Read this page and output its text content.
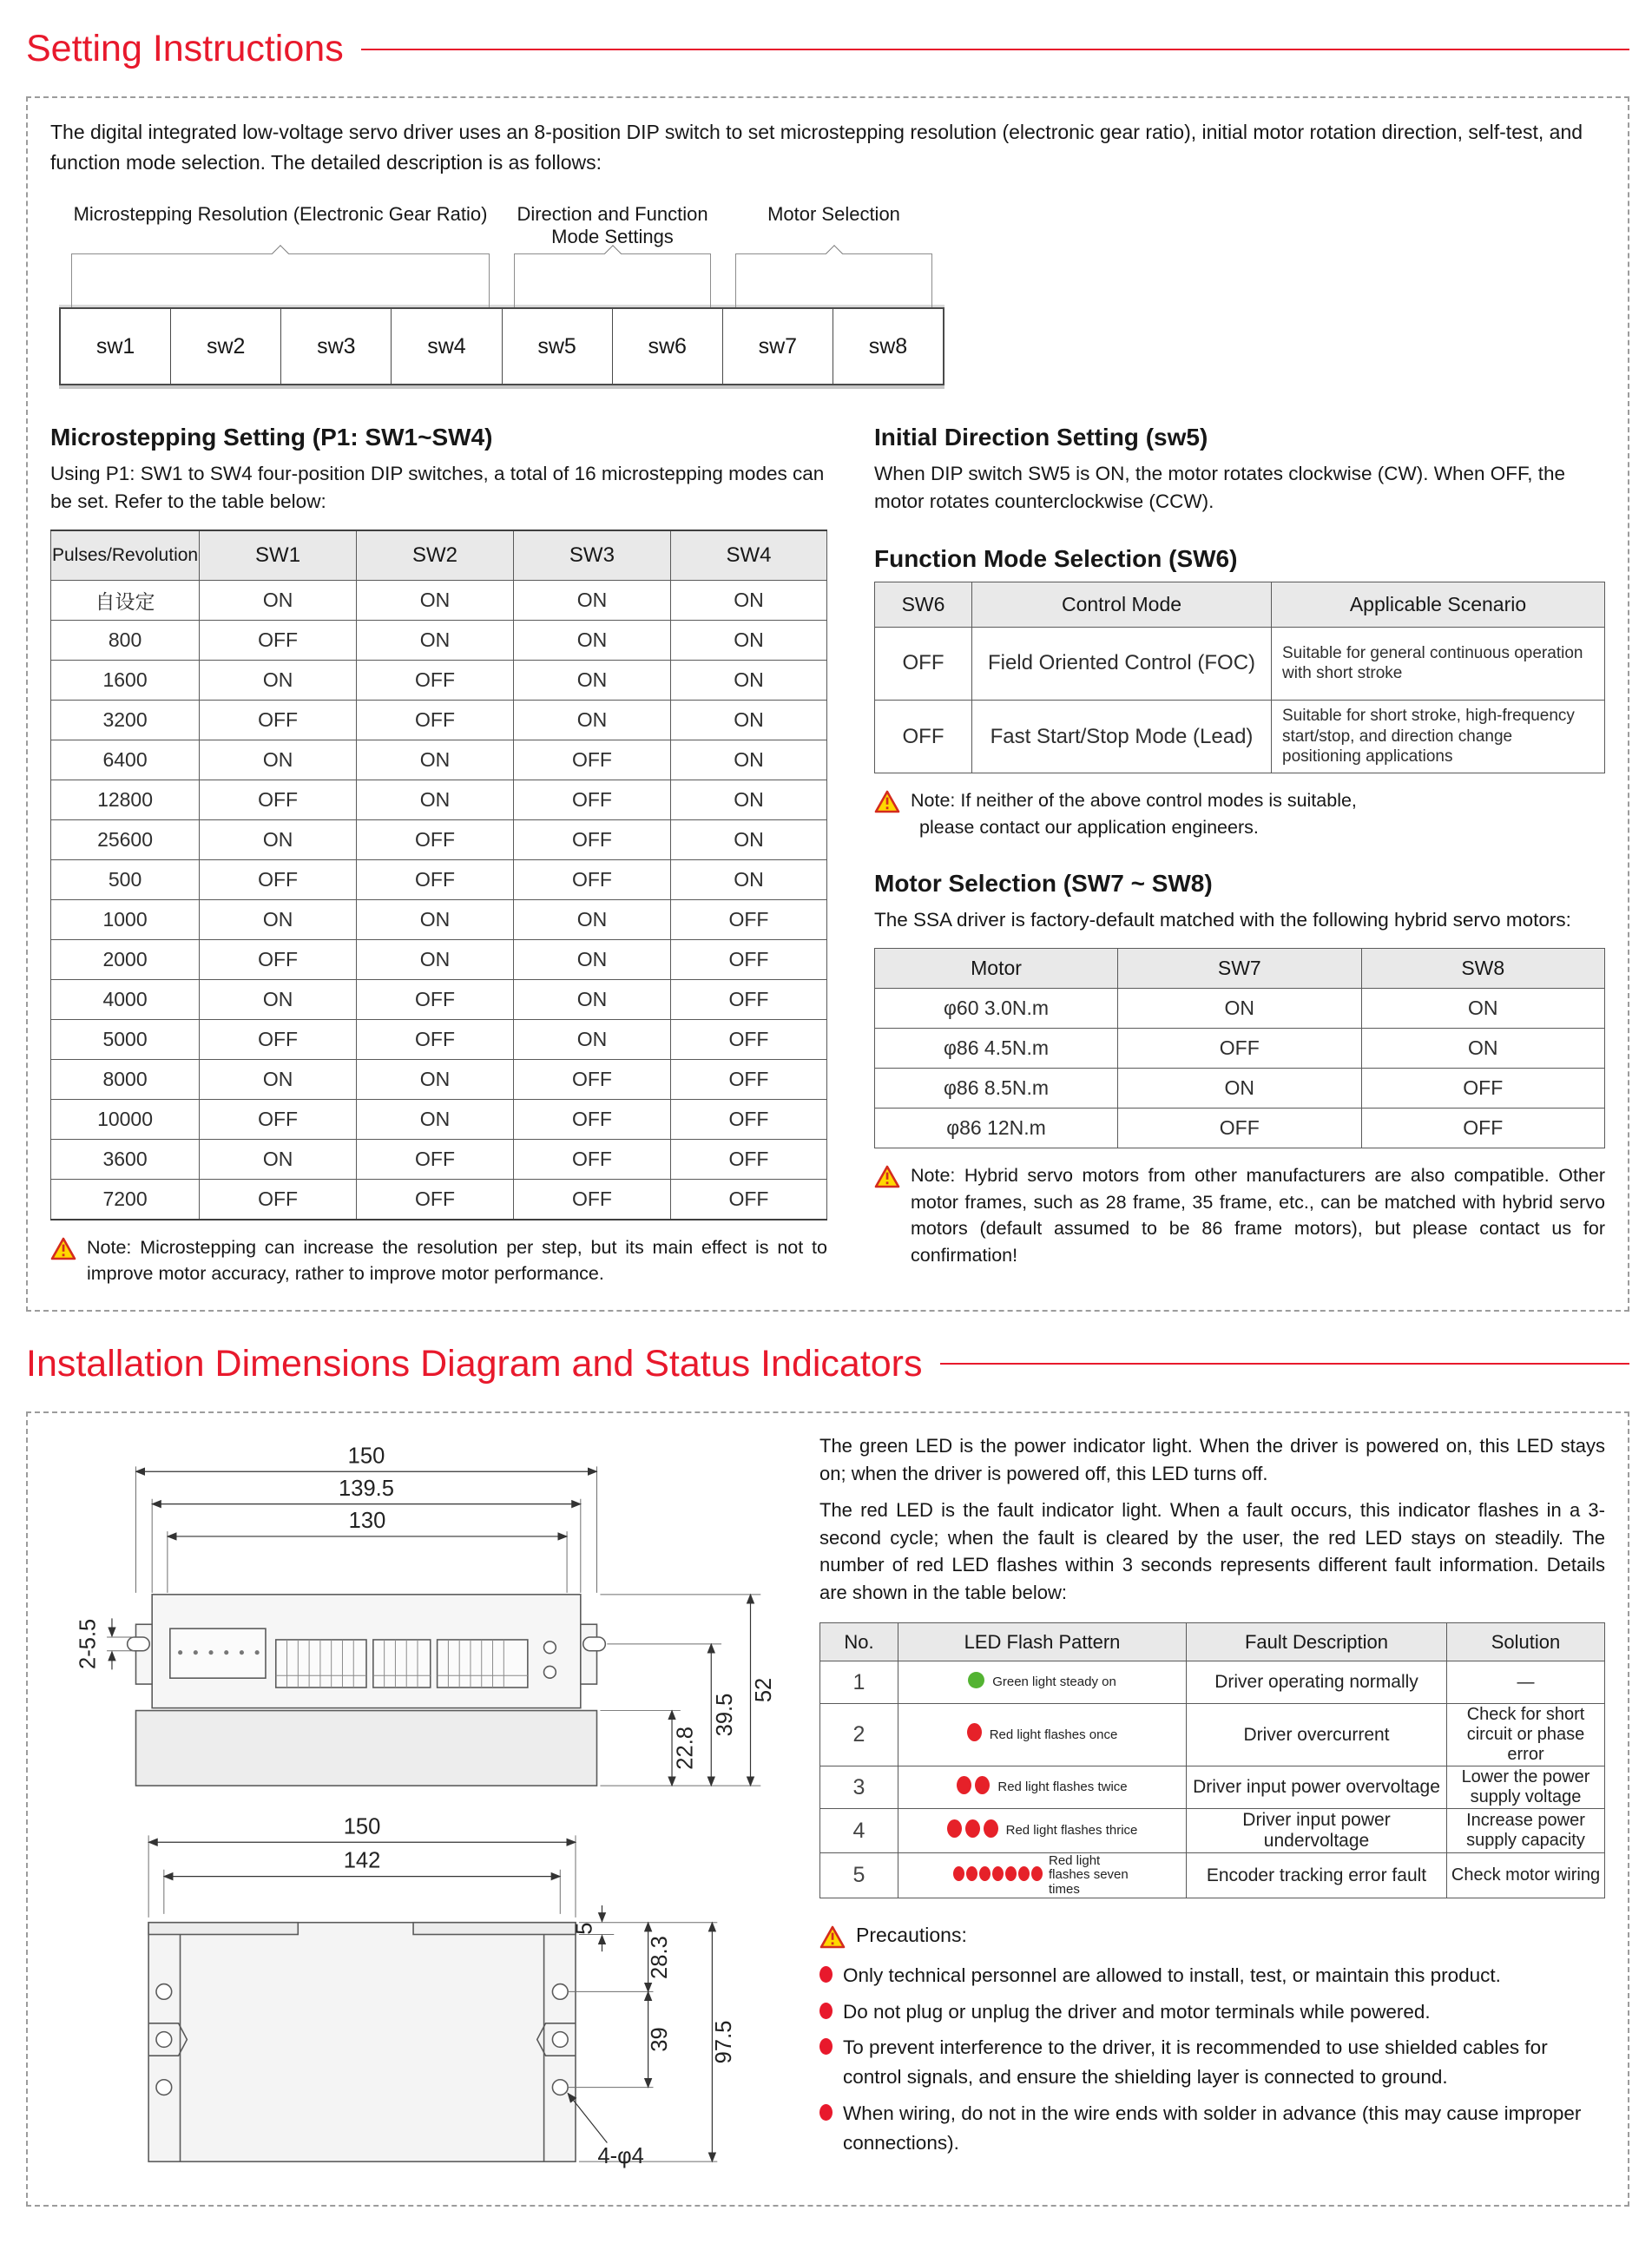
Setting Instructions

The digital integrated low-voltage servo driver uses an 8-position DIP switch to set microstepping resolution (electronic gear ratio), initial motor rotation direction, self-test, and function mode selection. The detailed description is as follows:

Microstepping Resolution (Electronic Gear Ratio)	Direction and Function Mode Settings
Motor Selection
sw1	sw2	sw3	sw4	sw5	sw6	sw7	sw8
Microstepping Setting (P1: SW1~SW4)

Using P1: SW1 to SW4 four-position DIP switches, a total of 16 microstepping modes can be set. Refer to the table below:

Pulses/Revolution	SW1	SW2	SW3	SW4
自设定	ON	ON	ON	ON
800	OFF	ON	ON	ON
1600	ON	OFF	ON	ON
3200	OFF	OFF	ON	ON
6400	ON	ON	OFF	ON
12800	OFF	ON	OFF	ON
25600	ON	OFF	OFF	ON
500	OFF	OFF	OFF	ON
1000	ON	ON	ON	OFF
2000	OFF	ON	ON	OFF
4000	ON	OFF	ON	OFF
5000	OFF	OFF	ON	OFF
8000	ON	ON	OFF	OFF
10000	OFF	ON	OFF	OFF
3600	ON	OFF	OFF	OFF
7200	OFF	OFF	OFF	OFF
Note: Microstepping can increase the resolution per step, but its main effect is not to improve motor accuracy, rather to improve motor performance.
Initial Direction Setting (sw5)

When DIP switch SW5 is ON, the motor rotates clockwise (CW). When OFF, the motor rotates counterclockwise (CCW).

Function Mode Selection (SW6)
SW6	Control Mode	Applicable Scenario
OFF	Field Oriented Control (FOC)	Suitable for general continuous operation with short stroke
OFF	Fast Start/Stop Mode (Lead)	Suitable for short stroke, high-frequency start/stop, and direction change positioning applications
Note: If neither of the above control modes is suitable,
please contact our application engineers.
Motor Selection (SW7 ~ SW8)

The SSA driver is factory-default matched with the following hybrid servo motors:

Motor	SW7	SW8
φ60 3.0N.m	ON	ON
φ86 4.5N.m	OFF	ON
φ86 8.5N.m	ON	OFF
φ86 12N.m	OFF	OFF
Note: Hybrid servo motors from other manufacturers are also compatible. Other motor frames, such as 28 frame, 35 frame, etc., can be matched with hybrid servo motors (default assumed to be 86 frame motors), but please contact us for confirmation!
Installation Dimensions Diagram and Status Indicators
150
139.5
130
2-5.5
52
39.5
22.8
150
142
5
28.3
39 97.5
4-φ4

The green LED is the power indicator light. When the driver is powered on, this LED stays on; when the driver is powered off, this LED turns off.

The red LED is the fault indicator light. When a fault occurs, this indicator flashes in a 3-second cycle; when the fault is cleared by the user, the red LED stays on steadily. The number of red LED flashes within 3 seconds represents different fault information. Details are shown in the table below:

No.	LED Flash Pattern	Fault Description	Solution
1	Green light steady on	Driver operating normally	—
2	Red light flashes once	Driver overcurrent	Check for short circuit or phase error
3	Red light flashes twice	Driver input power overvoltage	Lower the power supply voltage
4	Red light flashes thrice	Driver input power undervoltage	Increase power supply capacity
5	Red light flashes seven times	Encoder tracking error fault	Check motor wiring
Precautions:
Only technical personnel are allowed to install, test, or maintain this product.
Do not plug or unplug the driver and motor terminals while powered.
To prevent interference to the driver, it is recommended to use shielded cables for control signals, and ensure the shielding layer is connected to ground.
When wiring, do not in the wire ends with solder in advance (this may cause improper connections).
